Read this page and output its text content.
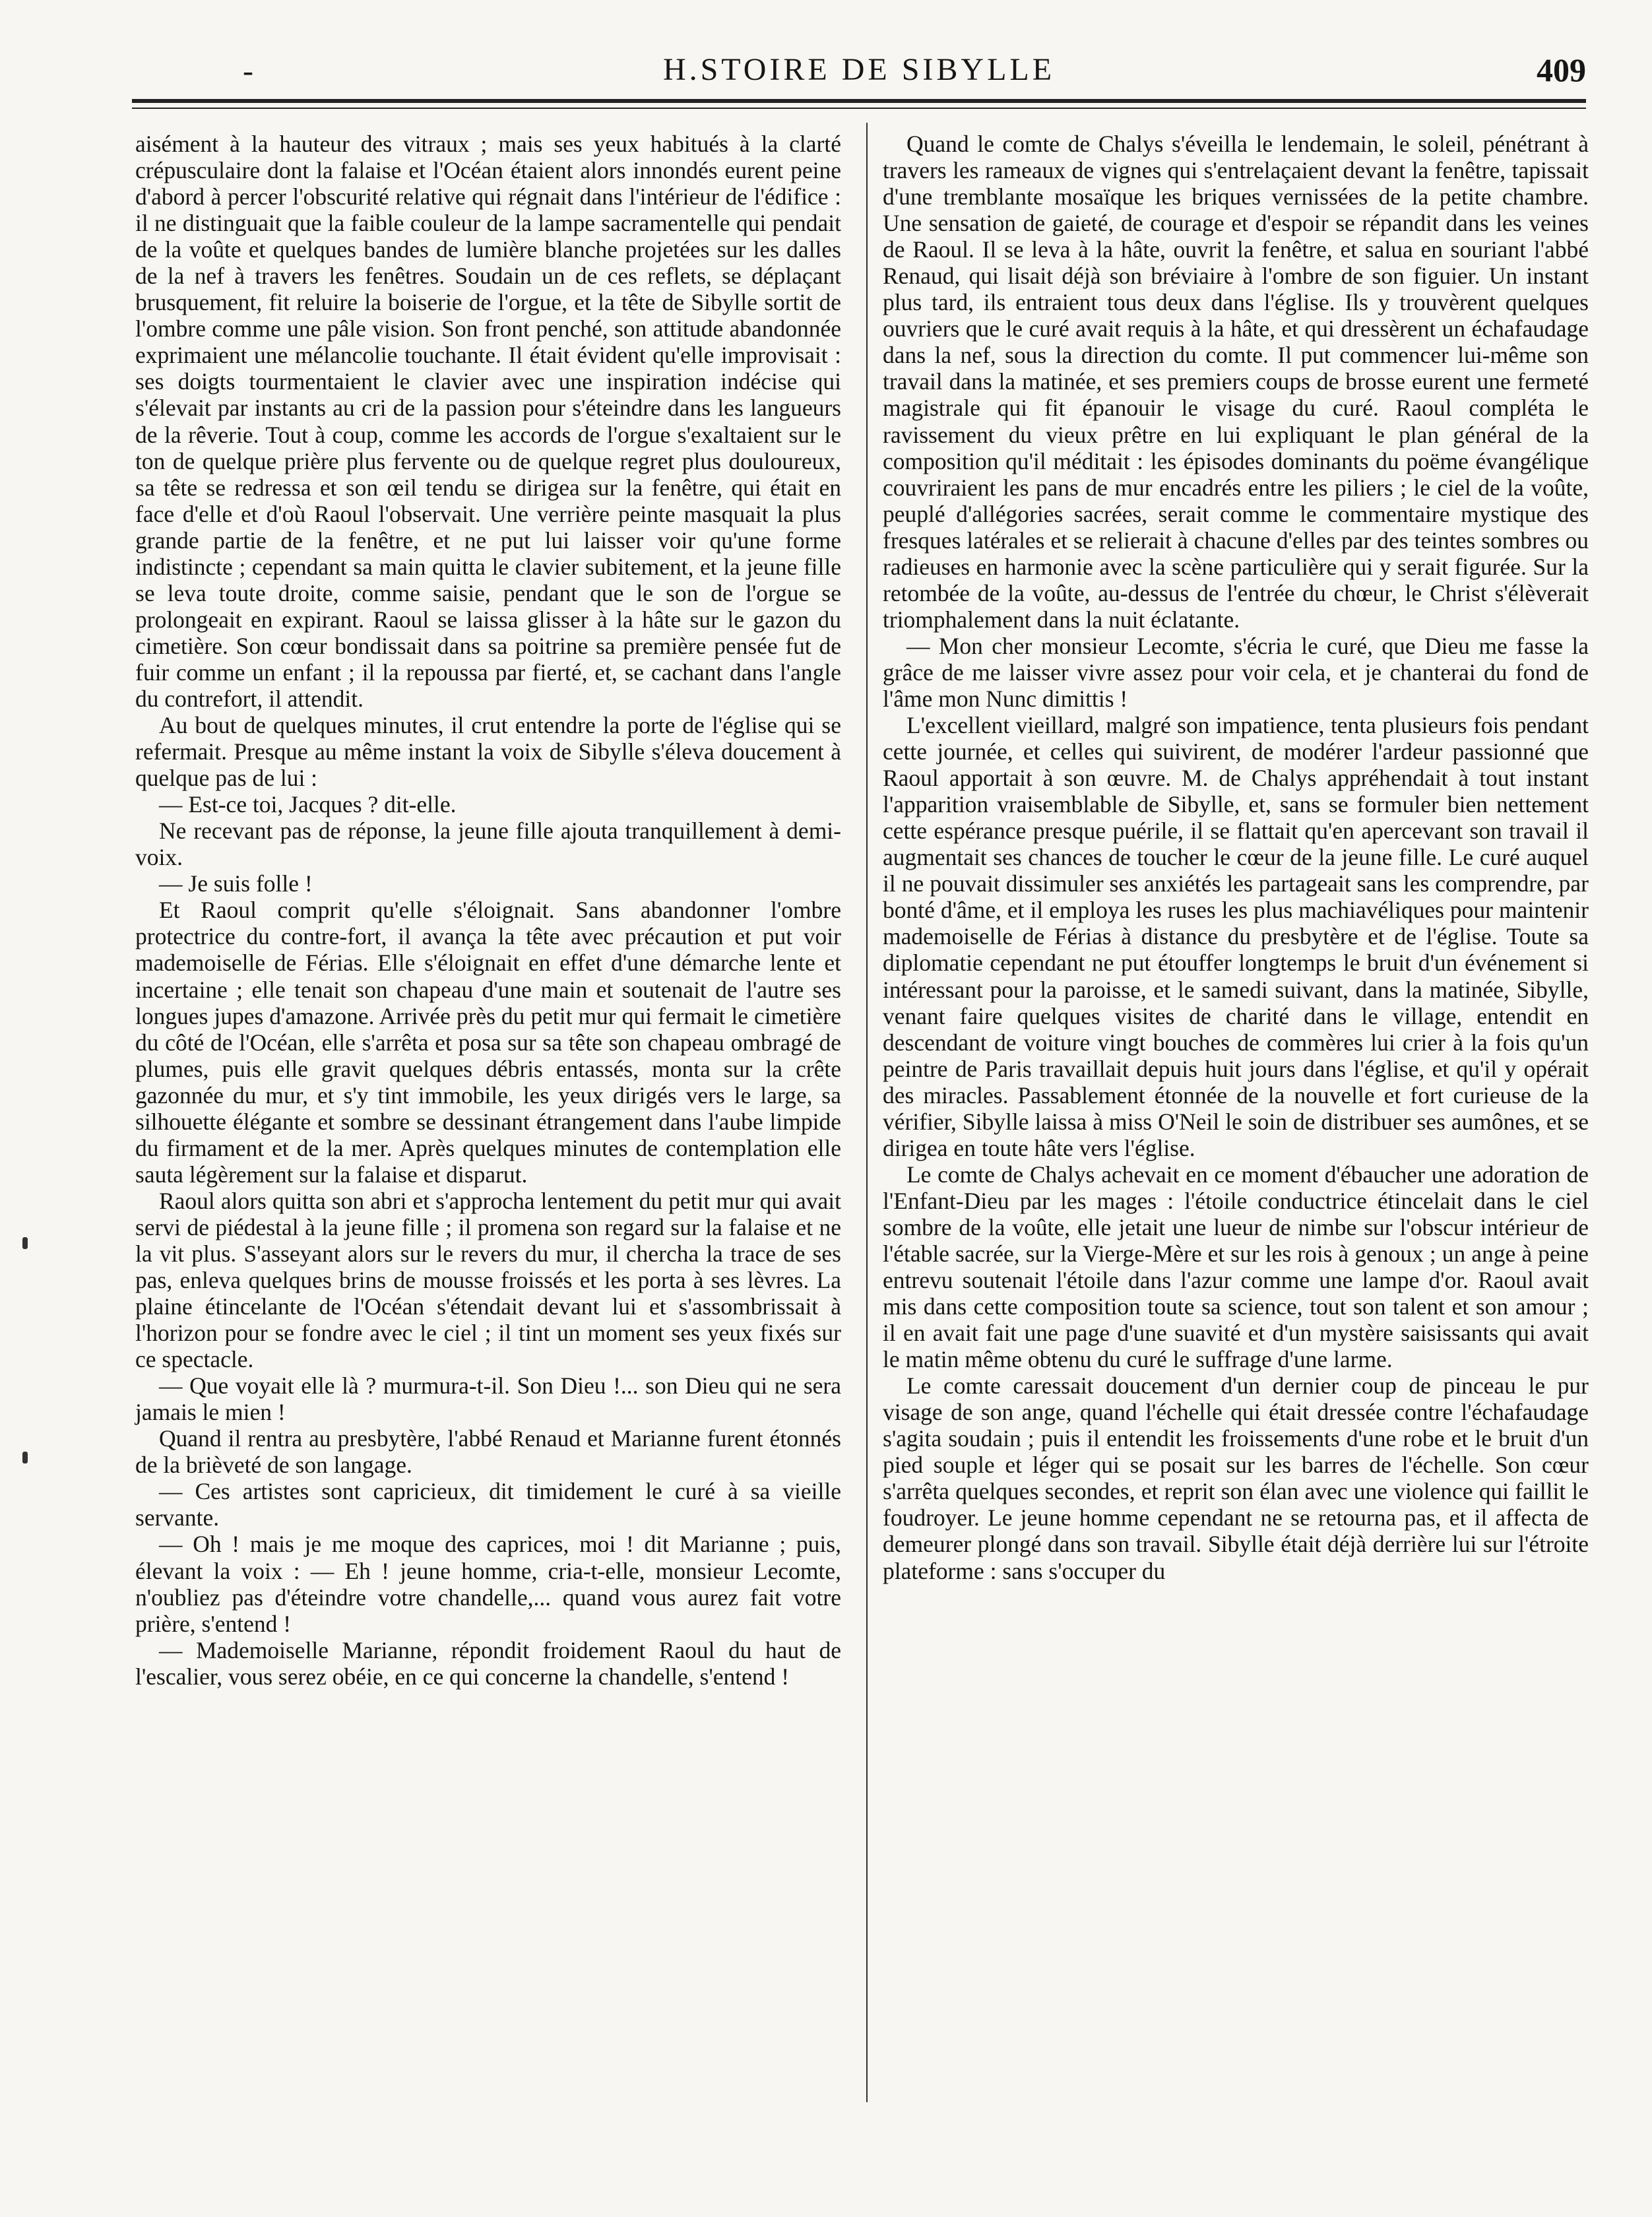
-	H.STOIRE DE SIBYLLE	409

aisément à la hauteur des vitraux ; mais ses yeux habitués à la clarté crépusculaire dont la falaise et l'Océan étaient alors innondés eurent peine d'abord à percer l'obscurité relative qui régnait dans l'intérieur de l'édifice : il ne distinguait que la faible couleur de la lampe sacramentelle qui pendait de la voûte et quelques bandes de lumière blanche projetées sur les dalles de la nef à travers les fenêtres. Soudain un de ces reflets, se déplaçant brusquement, fit reluire la boiserie de l'orgue, et la tête de Sibylle sortit de l'ombre comme une pâle vision. Son front penché, son attitude abandonnée exprimaient une mélancolie touchante. Il était évident qu'elle improvisait : ses doigts tourmentaient le clavier avec une inspiration indécise qui s'élevait par instants au cri de la passion pour s'éteindre dans les langueurs de la rêverie. Tout à coup, comme les accords de l'orgue s'exaltaient sur le ton de quelque prière plus fervente ou de quelque regret plus douloureux, sa tête se redressa et son œil tendu se dirigea sur la fenêtre, qui était en face d'elle et d'où Raoul l'observait. Une verrière peinte masquait la plus grande partie de la fenêtre, et ne put lui laisser voir qu'une forme indistincte ; cependant sa main quitta le clavier subitement, et la jeune fille se leva toute droite, comme saisie, pendant que le son de l'orgue se prolongeait en expirant. Raoul se laissa glisser à la hâte sur le gazon du cimetière. Son cœur bondissait dans sa poitrine sa première pensée fut de fuir comme un enfant ; il la repoussa par fierté, et, se cachant dans l'angle du contrefort, il attendit.

Au bout de quelques minutes, il crut entendre la porte de l'église qui se refermait. Presque au même instant la voix de Sibylle s'éleva doucement à quelque pas de lui :

— Est-ce toi, Jacques ? dit-elle.

Ne recevant pas de réponse, la jeune fille ajouta tranquillement à demi-voix.

— Je suis folle !

Et Raoul comprit qu'elle s'éloignait. Sans abandonner l'ombre protectrice du contre-fort, il avança la tête avec précaution et put voir mademoiselle de Férias. Elle s'éloignait en effet d'une démarche lente et incertaine ; elle tenait son chapeau d'une main et soutenait de l'autre ses longues jupes d'amazone. Arrivée près du petit mur qui fermait le cimetière du côté de l'Océan, elle s'arrêta et posa sur sa tête son chapeau ombragé de plumes, puis elle gravit quelques débris entassés, monta sur la crête gazonnée du mur, et s'y tint immobile, les yeux dirigés vers le large, sa silhouette élégante et sombre se dessinant étrangement dans l'aube limpide du firmament et de la mer. Après quelques minutes de contemplation elle sauta légèrement sur la falaise et disparut.

Raoul alors quitta son abri et s'approcha lentement du petit mur qui avait servi de piédestal à la jeune fille ; il promena son regard sur la falaise et ne la vit plus. S'asseyant alors sur le revers du mur, il chercha la trace de ses pas, enleva quelques brins de mousse froissés et les porta à ses lèvres. La plaine étincelante de l'Océan s'étendait devant lui et s'assombrissait à l'horizon pour se fondre avec le ciel ; il tint un moment ses yeux fixés sur ce spectacle.

— Que voyait elle là ? murmura-t-il. Son Dieu !... son Dieu qui ne sera jamais le mien !

Quand il rentra au presbytère, l'abbé Renaud et Marianne furent étonnés de la brièveté de son langage.

— Ces artistes sont capricieux, dit timidement le curé à sa vieille servante.

— Oh ! mais je me moque des caprices, moi ! dit Marianne ; puis, élevant la voix : — Eh ! jeune homme, cria-t-elle, monsieur Lecomte, n'oubliez pas d'éteindre votre chandelle,... quand vous aurez fait votre prière, s'entend !

— Mademoiselle Marianne, répondit froidement Raoul du haut de l'escalier, vous serez obéie, en ce qui concerne la chandelle, s'entend !

Quand le comte de Chalys s'éveilla le lendemain, le soleil, pénétrant à travers les rameaux de vignes qui s'entrelaçaient devant la fenêtre, tapissait d'une tremblante mosaïque les briques vernissées de la petite chambre. Une sensation de gaieté, de courage et d'espoir se répandit dans les veines de Raoul. Il se leva à la hâte, ouvrit la fenêtre, et salua en souriant l'abbé Renaud, qui lisait déjà son bréviaire à l'ombre de son figuier. Un instant plus tard, ils entraient tous deux dans l'église. Ils y trouvèrent quelques ouvriers que le curé avait requis à la hâte, et qui dressèrent un échafaudage dans la nef, sous la direction du comte. Il put commencer lui-même son travail dans la matinée, et ses premiers coups de brosse eurent une fermeté magistrale qui fit épanouir le visage du curé. Raoul compléta le ravissement du vieux prêtre en lui expliquant le plan général de la composition qu'il méditait : les épisodes dominants du poëme évangélique couvriraient les pans de mur encadrés entre les piliers ; le ciel de la voûte, peuplé d'allégories sacrées, serait comme le commentaire mystique des fresques latérales et se relierait à chacune d'elles par des teintes sombres ou radieuses en harmonie avec la scène particulière qui y serait figurée. Sur la retombée de la voûte, au-dessus de l'entrée du chœur, le Christ s'élèverait triomphalement dans la nuit éclatante.

— Mon cher monsieur Lecomte, s'écria le curé, que Dieu me fasse la grâce de me laisser vivre assez pour voir cela, et je chanterai du fond de l'âme mon Nunc dimittis !

L'excellent vieillard, malgré son impatience, tenta plusieurs fois pendant cette journée, et celles qui suivirent, de modérer l'ardeur passionné que Raoul apportait à son œuvre. M. de Chalys appréhendait à tout instant l'apparition vraisemblable de Sibylle, et, sans se formuler bien nettement cette espérance presque puérile, il se flattait qu'en apercevant son travail il augmentait ses chances de toucher le cœur de la jeune fille. Le curé auquel il ne pouvait dissimuler ses anxiétés les partageait sans les comprendre, par bonté d'âme, et il employa les ruses les plus machiavéliques pour maintenir mademoiselle de Férias à distance du presbytère et de l'église. Toute sa diplomatie cependant ne put étouffer longtemps le bruit d'un événement si intéressant pour la paroisse, et le samedi suivant, dans la matinée, Sibylle, venant faire quelques visites de charité dans le village, entendit en descendant de voiture vingt bouches de commères lui crier à la fois qu'un peintre de Paris travaillait depuis huit jours dans l'église, et qu'il y opérait des miracles. Passablement étonnée de la nouvelle et fort curieuse de la vérifier, Sibylle laissa à miss O'Neil le soin de distribuer ses aumônes, et se dirigea en toute hâte vers l'église.

Le comte de Chalys achevait en ce moment d'ébaucher une adoration de l'Enfant-Dieu par les mages : l'étoile conductrice étincelait dans le ciel sombre de la voûte, elle jetait une lueur de nimbe sur l'obscur intérieur de l'étable sacrée, sur la Vierge-Mère et sur les rois à genoux ; un ange à peine entrevu soutenait l'étoile dans l'azur comme une lampe d'or. Raoul avait mis dans cette composition toute sa science, tout son talent et son amour ; il en avait fait une page d'une suavité et d'un mystère saisissants qui avait le matin même obtenu du curé le suffrage d'une larme.

Le comte caressait doucement d'un dernier coup de pinceau le pur visage de son ange, quand l'échelle qui était dressée contre l'échafaudage s'agita soudain ; puis il entendit les froissements d'une robe et le bruit d'un pied souple et léger qui se posait sur les barres de l'échelle. Son cœur s'arrêta quelques secondes, et reprit son élan avec une violence qui faillit le foudroyer. Le jeune homme cependant ne se retourna pas, et il affecta de demeurer plongé dans son travail. Sibylle était déjà derrière lui sur l'étroite plateforme : sans s'occuper du
